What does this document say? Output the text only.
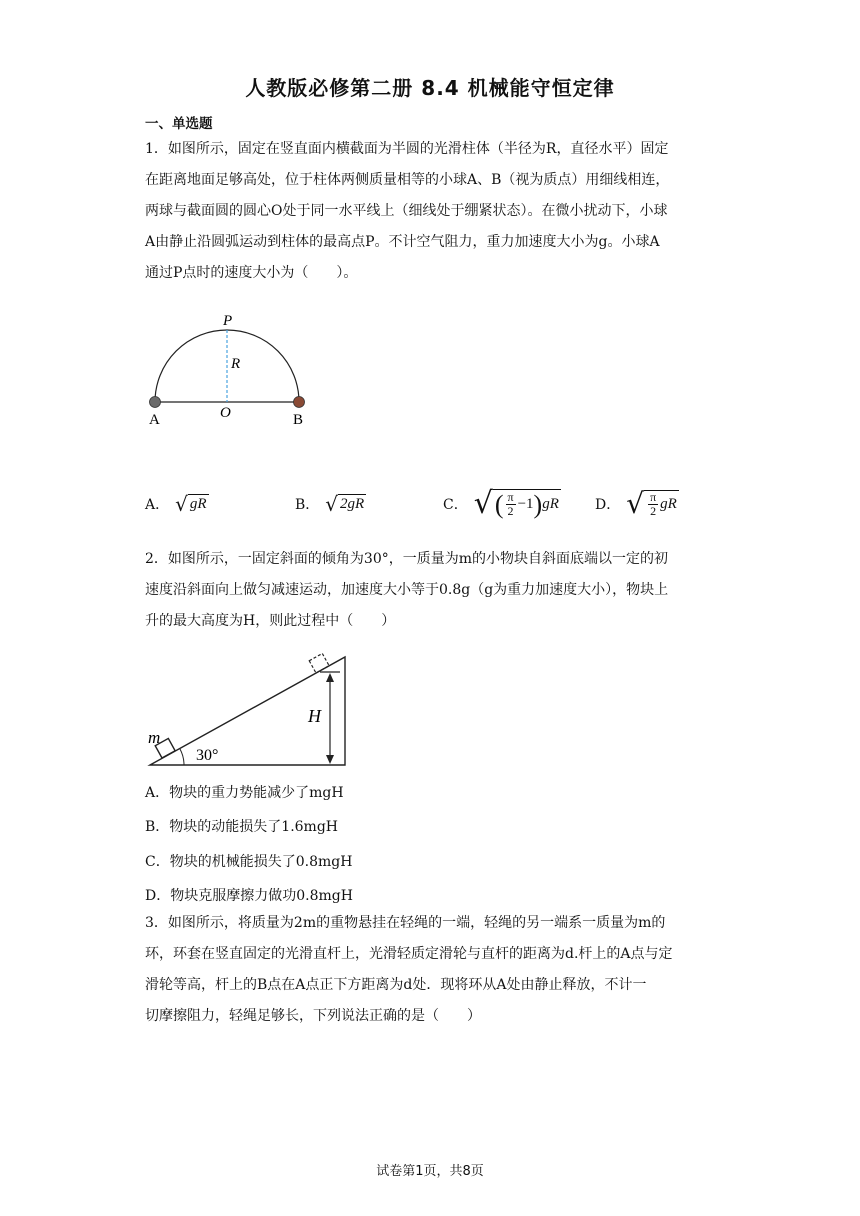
人教版必修第二册 8.4 机械能守恒定律
一、单选题
1．如图所示，固定在竖直面内横截面为半圆的光滑柱体（半径为R，直径水平）固定
在距离地面足够高处，位于柱体两侧质量相等的小球A、B（视为质点）用细线相连，
两球与截面圆的圆心O处于同一水平线上（细线处于绷紧状态）。在微小扰动下，小球
A由静止沿圆弧运动到柱体的最高点P。不计空气阻力，重力加速度大小为g。小球A
通过P点时的速度大小为（　　）。
P
R
O
A	B
A． √ gR	B． √ 2gR	C． √ ( $\frac{\pi}{2} -1$ ) gR	D． √ $\frac{\pi}{2}$ gR
2．如图所示，一固定斜面的倾角为30°，一质量为m的小物块自斜面底端以一定的初
速度沿斜面向上做匀减速运动，加速度大小等于0.8g（g为重力加速度大小），物块上
升的最大高度为H，则此过程中（　　）
m
30°
H
A．物块的重力势能减少了mgH
B．物块的动能损失了1.6mgH
C．物块的机械能损失了0.8mgH
D．物块克服摩擦力做功0.8mgH
3．如图所示，将质量为2m的重物悬挂在轻绳的一端，轻绳的另一端系一质量为m的
环，环套在竖直固定的光滑直杆上，光滑轻质定滑轮与直杆的距离为d.杆上的A点与定
滑轮等高，杆上的B点在A点正下方距离为d处．现将环从A处由静止释放，不计一
切摩擦阻力，轻绳足够长，下列说法正确的是（　　）
试卷第1页，共8页
